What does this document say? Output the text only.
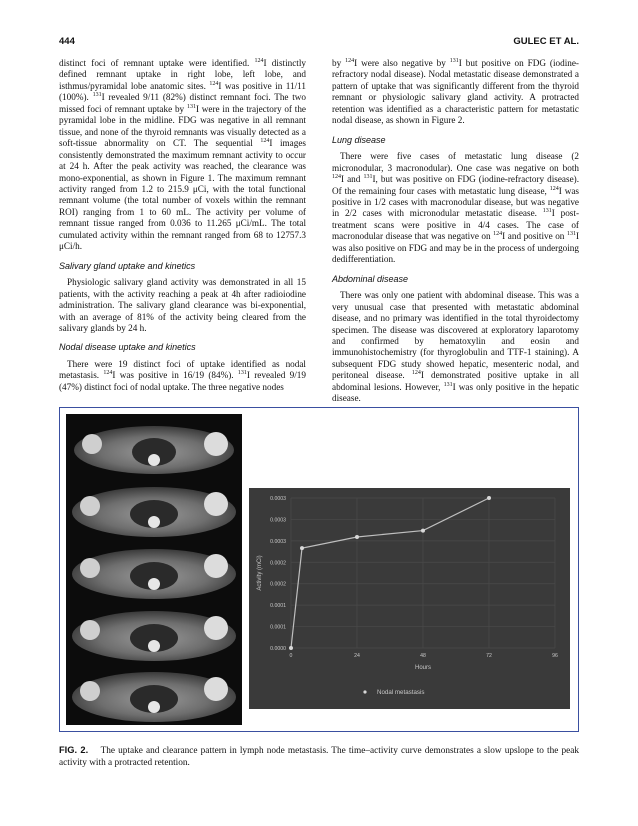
444	GULEC ET AL.

distinct foci of remnant uptake were identified. $^{124}$I distinctly defined remnant uptake in right lobe, left lobe, and isthmus/pyramidal lobe anatomic sites. $^{124}$I was positive in 11/11 (100%). $^{131}$I revealed 9/11 (82%) distinct remnant foci. The two missed foci of remnant uptake by $^{131}$I were in the trajectory of the pyramidal lobe in the midline. FDG was negative in all remnant tissue, and none of the thyroid remnants was visually detected as a soft-tissue abnormality on CT. The sequential $^{124}$I images consistently demonstrated the maximum remnant activity to occur at 24 h. After the peak activity was reached, the clearance was mono-exponential, as shown in Figure 1. The maximum remnant activity ranged from 1.2 to 215.9 μCi, with the total functional remnant volume (the total number of voxels within the remnant ROI) ranging from 1 to 60 mL. The activity per volume of remnant tissue ranged from 0.036 to 11.265 μCi/mL. The total cumulated activity within the remnant ranged from 68 to 12757.3 μCi/h.

Salivary gland uptake and kinetics

Physiologic salivary gland activity was demonstrated in all 15 patients, with the activity reaching a peak at 4h after radioiodine administration. The salivary gland clearance was bi-exponential, with an average of 81% of the activity being cleared from the salivary glands by 24 h.

Nodal disease uptake and kinetics

There were 19 distinct foci of uptake identified as nodal metastasis. $^{124}$I was positive in 16/19 (84%). $^{131}$I revealed 9/19 (47%) distinct foci of nodal uptake. The three negative nodes

by $^{124}$I were also negative by $^{131}$I but positive on FDG (iodine-refractory nodal disease). Nodal metastatic disease demonstrated a pattern of uptake that was significantly different from the thyroid remnant or physiologic salivary gland activity. A protracted retention was identified as a characteristic pattern for metastatic nodal disease, as shown in Figure 2.

Lung disease

There were five cases of metastatic lung disease (2 micronodular, 3 macronodular). One case was negative on both $^{124}$I and $^{131}$I, but was positive on FDG (iodine-refractory disease). Of the remaining four cases with metastatic lung disease, $^{124}$I was positive in 1/2 cases with macronodular disease, but was negative in 2/2 cases with micronodular metastatic disease. $^{131}$I post-treatment scans were positive in 4/4 cases. The case of macronodular disease that was negative on $^{124}$I and positive on $^{131}$I was also positive on FDG and may be in the process of undergoing dedifferentiation.

Abdominal disease

There was only one patient with abdominal disease. This was a very unusual case that presented with metastatic abdominal disease, and no primary was identified in the total thyroidectomy specimen. The disease was discovered at exploratory laparotomy and confirmed by hematoxylin and eosin and immunohistochemistry (for thyroglobulin and TTF-1 staining). A subsequent FDG study showed hepatic, mesenteric nodal, and peritoneal disease. $^{124}$I demonstrated positive uptake in all abdominal lesions. However, $^{131}$I was only positive in the hepatic disease.

0.0000
0.0001
0.0001
0.0002
0.0002
0.0003
0.0003
0.0003
0	24	48	72	96
Hours
Activity (mCi)
Nodal metastasis
FIG. 2.  The uptake and clearance pattern in lymph node metastasis. The time–activity curve demonstrates a slow upslope to the peak activity with a protracted retention.
